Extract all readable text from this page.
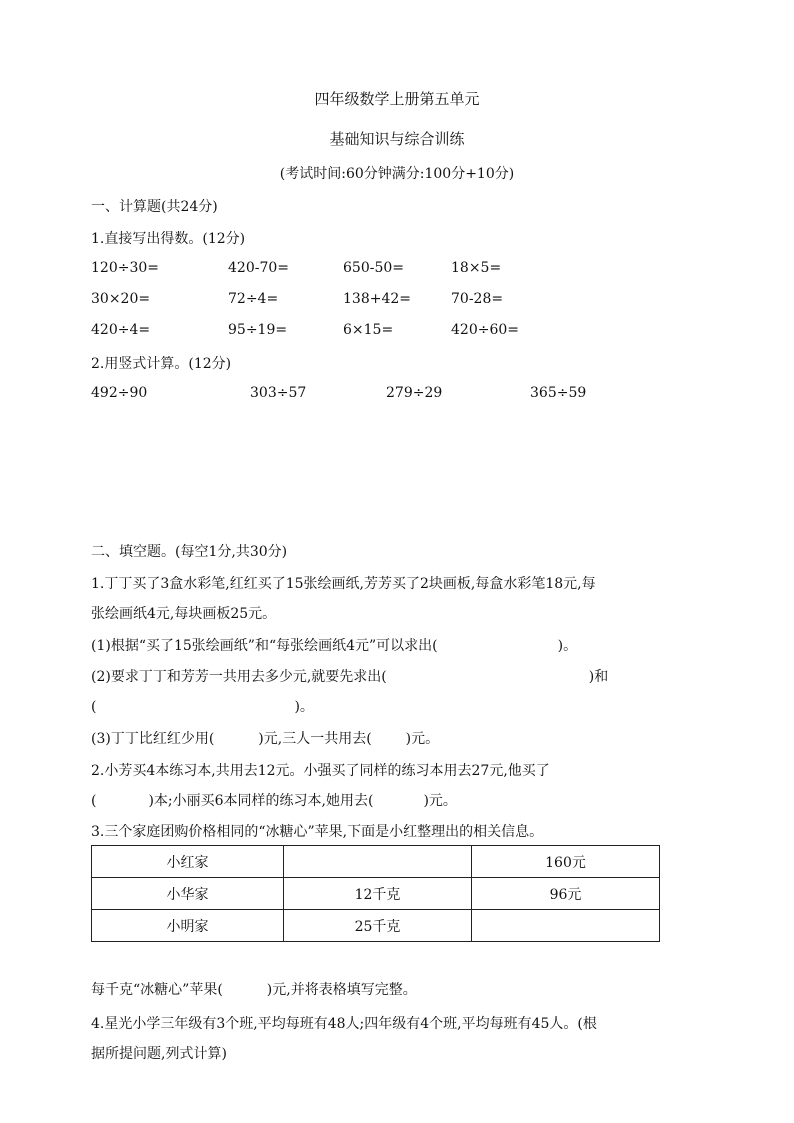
四年级数学上册第五单元
基础知识与综合训练
(考试时间:60分钟满分:100分+10分)
一、计算题(共24分)
1.直接写出得数。(12分)
120÷30=	420-70=	650-50=	18×5=
30×20=	72÷4=	138+42=	70-28=
420÷4=	95÷19=	6×15=	420÷60=
2.用竖式计算。(12分)
492÷90	303÷57	279÷29	365÷59
二、填空题。(每空1分,共30分)
1.丁丁买了3盒水彩笔,红红买了15张绘画纸,芳芳买了2块画板,每盒水彩笔18元,每
张绘画纸4元,每块画板25元。
(1)根据“买了15张绘画纸”和“每张绘画纸4元”可以求出(	)。
(2)要求丁丁和芳芳一共用去多少元,就要先求出(	)和
(	)。
(3)丁丁比红红少用(	)元,三人一共用去( )元。
2.小芳买4本练习本,共用去12元。小强买了同样的练习本用去27元,他买了
(	)本;小丽买6本同样的练习本,她用去(	)元。
3.三个家庭团购价格相同的“冰糖心”苹果,下面是小红整理出的相关信息。
小红家		160元
小华家	12千克	96元
小明家	25千克	
每千克“冰糖心”苹果(	)元,并将表格填写完整。
4.星光小学三年级有3个班,平均每班有48人;四年级有4个班,平均每班有45人。(根
据所提问题,列式计算)
